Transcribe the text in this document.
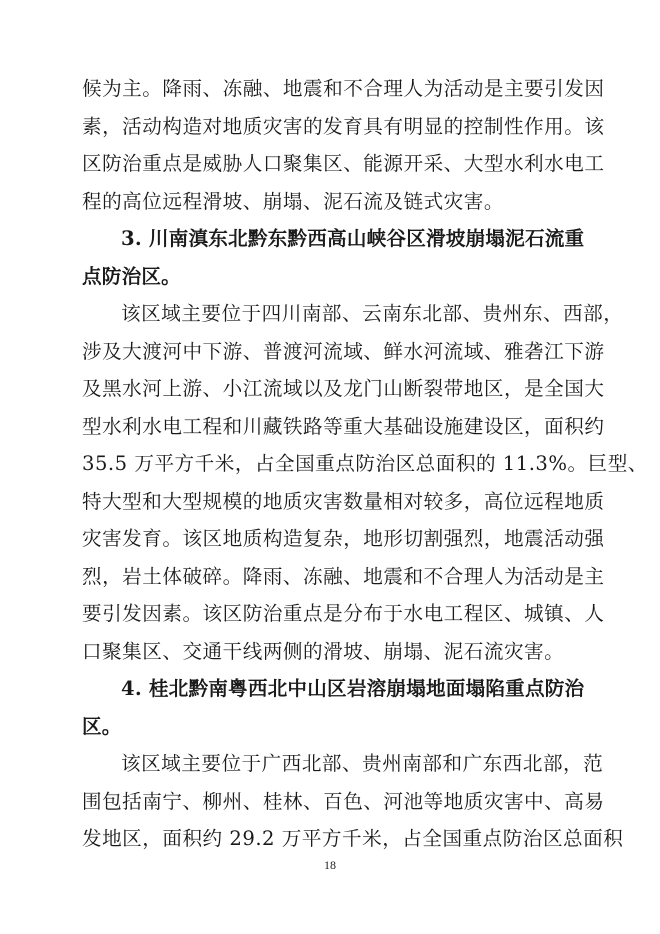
候为主。降雨、冻融、地震和不合理人为活动是主要引发因
素，活动构造对地质灾害的发育具有明显的控制性作用。该
区防治重点是威胁人口聚集区、能源开采、大型水利水电工
程的高位远程滑坡、崩塌、泥石流及链式灾害。
3. 川南滇东北黔东黔西高山峡谷区滑坡崩塌泥石流重
点防治区。
该区域主要位于四川南部、云南东北部、贵州东、西部，
涉及大渡河中下游、普渡河流域、鲜水河流域、雅砻江下游
及黑水河上游、小江流域以及龙门山断裂带地区，是全国大
型水利水电工程和川藏铁路等重大基础设施建设区，面积约
35.5 万平方千米，占全国重点防治区总面积的 11.3%。巨型、
特大型和大型规模的地质灾害数量相对较多，高位远程地质
灾害发育。该区地质构造复杂，地形切割强烈，地震活动强
烈，岩土体破碎。降雨、冻融、地震和不合理人为活动是主
要引发因素。该区防治重点是分布于水电工程区、城镇、人
口聚集区、交通干线两侧的滑坡、崩塌、泥石流灾害。
4. 桂北黔南粤西北中山区岩溶崩塌地面塌陷重点防治
区。
该区域主要位于广西北部、贵州南部和广东西北部，范
围包括南宁、柳州、桂林、百色、河池等地质灾害中、高易
发地区，面积约 29.2 万平方千米，占全国重点防治区总面积
18
